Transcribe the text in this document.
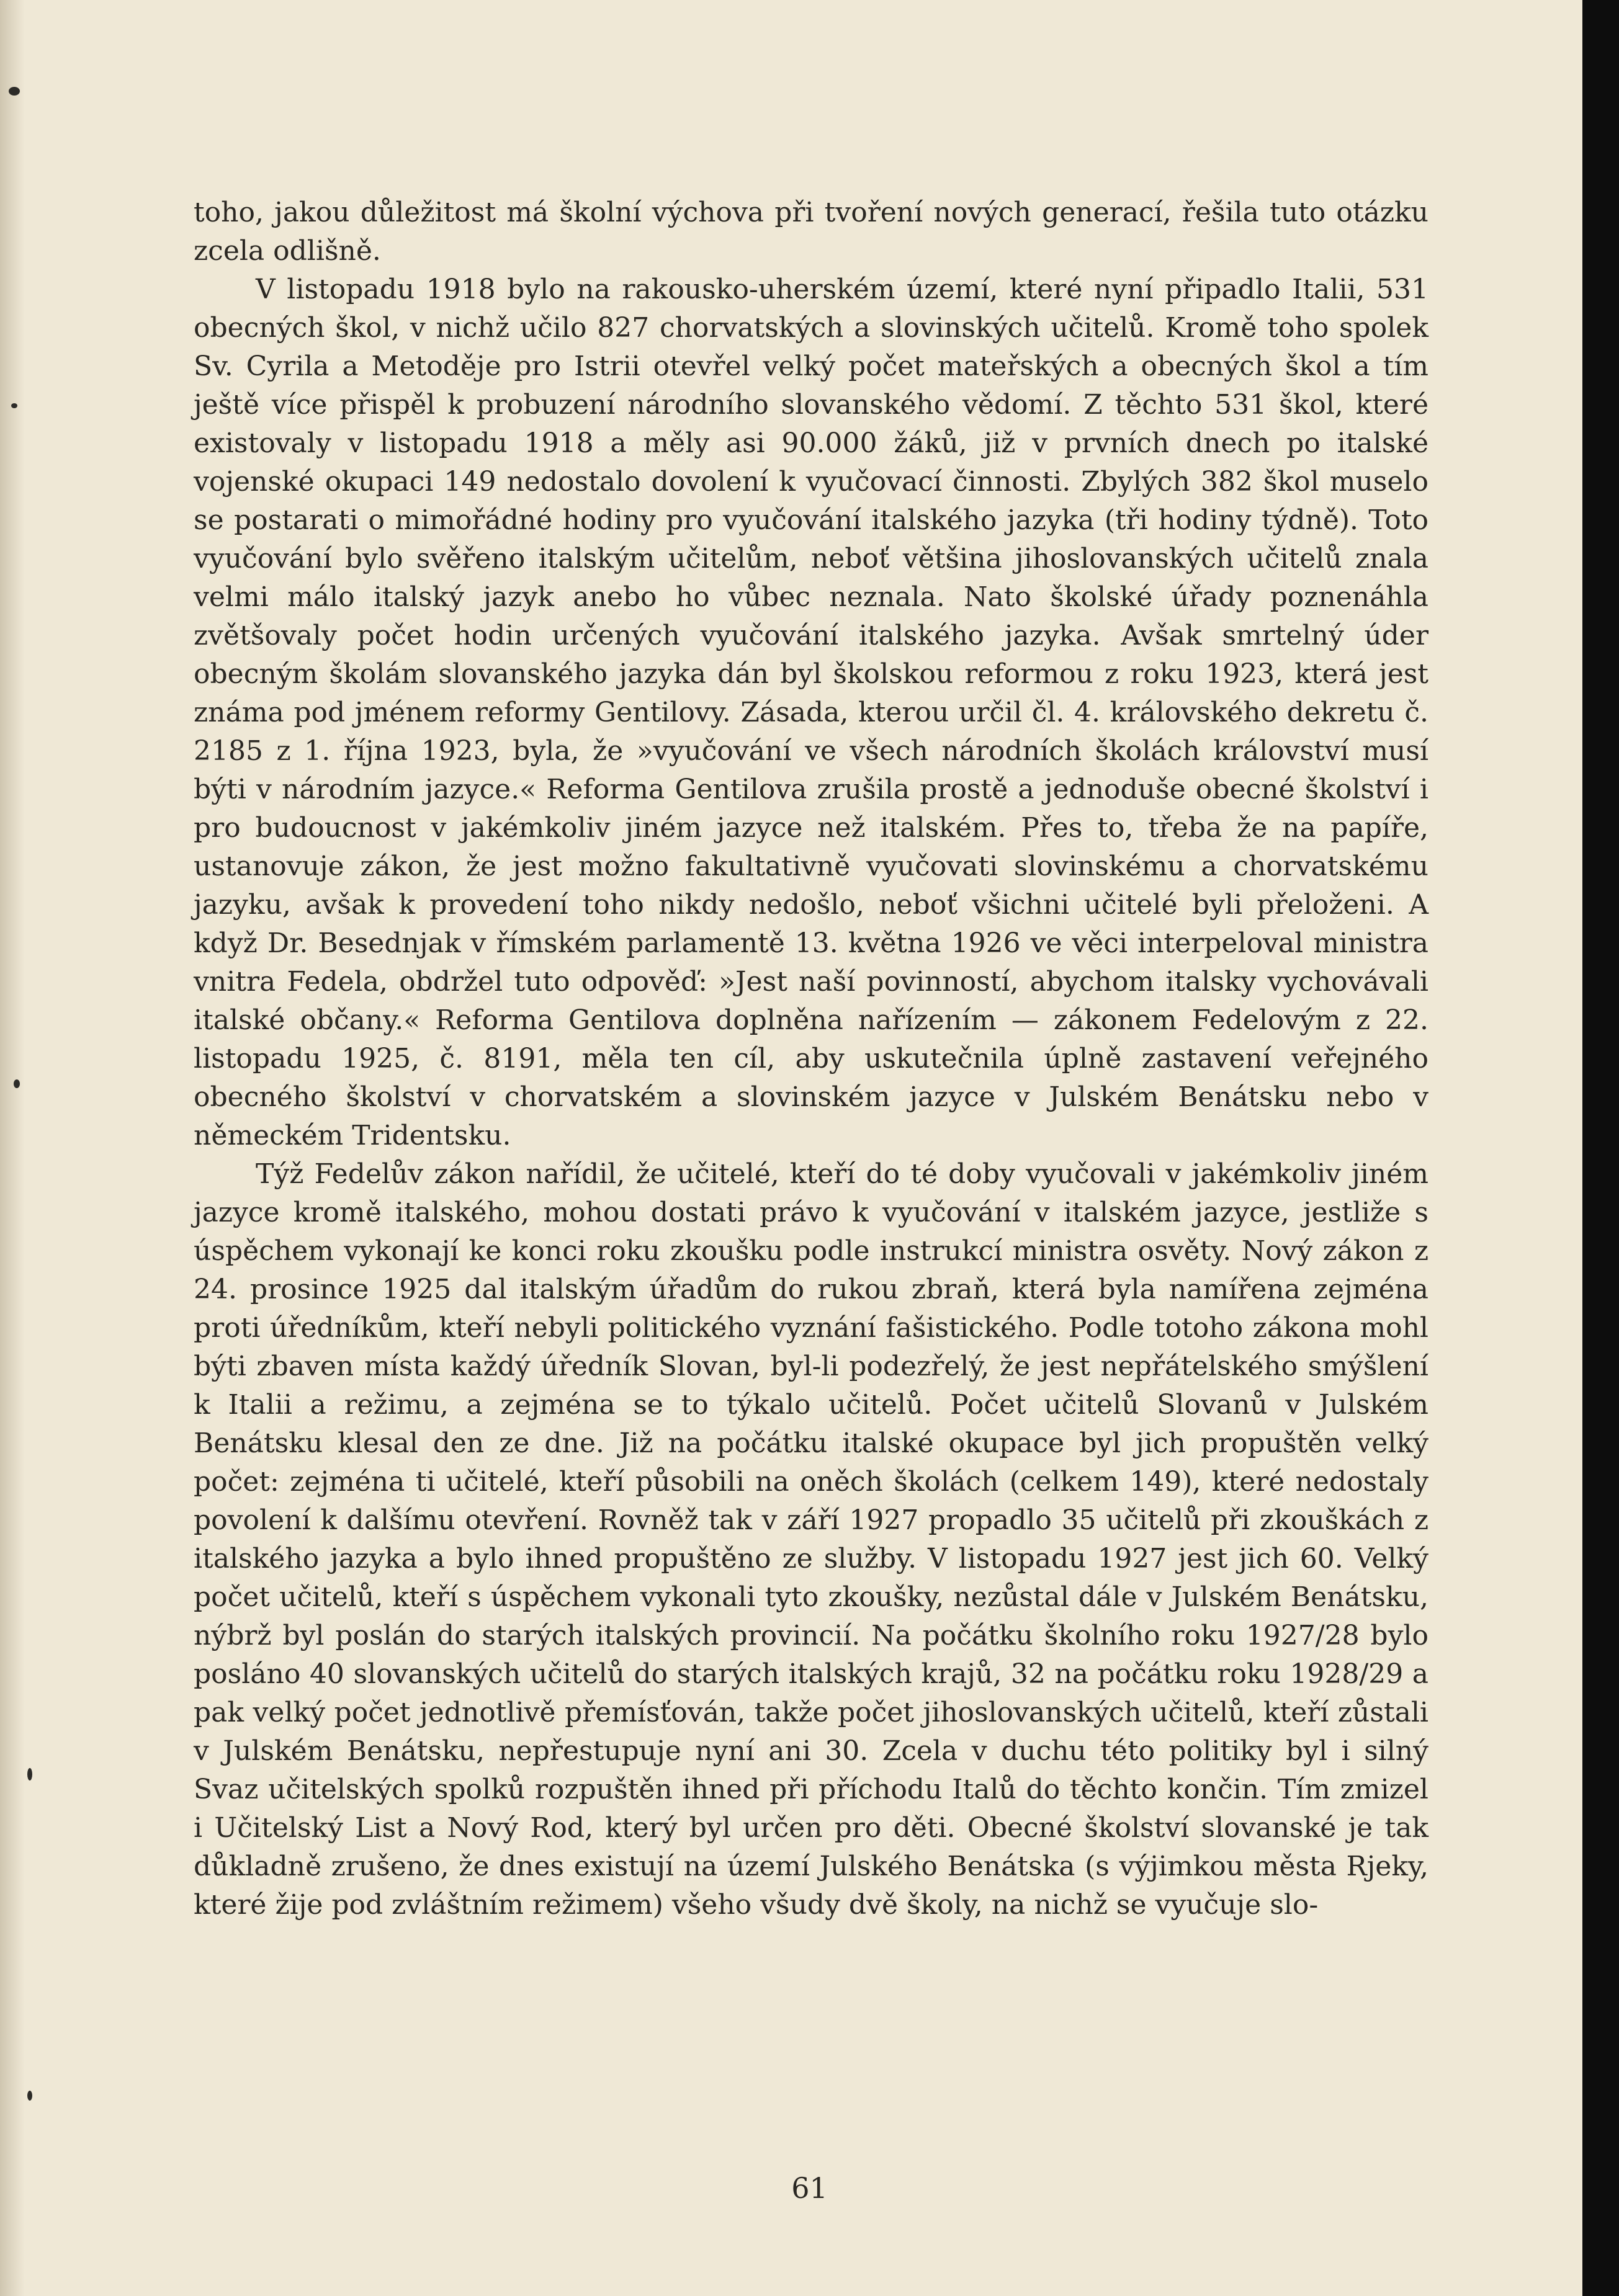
toho, jakou důležitost má školní výchova při tvoření nových generací, řešila tuto otázku zcela odlišně.

V listopadu 1918 bylo na rakousko-uherském území, které nyní připadlo Italii, 531 obecných škol, v nichž učilo 827 chorvatských a slovinských učitelů. Kromě toho spolek Sv. Cyrila a Metoděje pro Istrii otevřel velký počet mateřských a obecných škol a tím ještě více přispěl k probuzení národního slovanského vědomí. Z těchto 531 škol, které existovaly v listopadu 1918 a měly asi 90.000 žáků, již v prvních dnech po italské vojenské okupaci 149 nedostalo dovolení k vyučovací činnosti. Zbylých 382 škol muselo se postarati o mimořádné hodiny pro vyučování italského jazyka (tři hodiny týdně). Toto vyučování bylo svěřeno italským učitelům, neboť většina jihoslovanských učitelů znala velmi málo italský jazyk anebo ho vůbec neznala. Nato školské úřady poznenáhla zvětšovaly počet hodin určených vyučování italského jazyka. Avšak smrtelný úder obecným školám slovanského jazyka dán byl školskou reformou z roku 1923, která jest známa pod jménem reformy Gentilovy. Zásada, kterou určil čl. 4. královského dekretu č. 2185 z 1. října 1923, byla, že »vyučování ve všech národních školách království musí býti v národním jazyce.« Reforma Gentilova zrušila prostě a jednoduše obecné školství i pro budoucnost v jakémkoliv jiném jazyce než italském. Přes to, třeba že na papíře, ustanovuje zákon, že jest možno fakultativně vyučovati slovinskému a chorvatskému jazyku, avšak k provedení toho nikdy nedošlo, neboť všichni učitelé byli přeloženi. A když Dr. Besednjak v římském parlamentě 13. května 1926 ve věci interpeloval ministra vnitra Fedela, obdržel tuto odpověď: »Jest naší povinností, abychom italsky vychovávali italské občany.« Reforma Gentilova doplněna nařízením — zákonem Fedelovým z 22. listopadu 1925, č. 8191, měla ten cíl, aby uskutečnila úplně zastavení veřejného obecného školství v chorvatském a slovinském jazyce v Julském Benátsku nebo v německém Tridentsku.

Týž Fedelův zákon nařídil, že učitelé, kteří do té doby vyučovali v jakémkoliv jiném jazyce kromě italského, mohou dostati právo k vyučování v italském jazyce, jestliže s úspěchem vykonají ke konci roku zkoušku podle instrukcí ministra osvěty. Nový zákon z 24. prosince 1925 dal italským úřadům do rukou zbraň, která byla namířena zejména proti úředníkům, kteří nebyli politického vyznání fašistického. Podle totoho zákona mohl býti zbaven místa každý úředník Slovan, byl-li podezřelý, že jest nepřátelského smýšlení k Italii a režimu, a zejména se to týkalo učitelů. Počet učitelů Slovanů v Julském Benátsku klesal den ze dne. Již na počátku italské okupace byl jich propuštěn velký počet: zejména ti učitelé, kteří působili na oněch školách (celkem 149), které nedostaly povolení k dalšímu otevření. Rovněž tak v září 1927 propadlo 35 učitelů při zkouškách z italského jazyka a bylo ihned propuštěno ze služby. V listopadu 1927 jest jich 60. Velký počet učitelů, kteří s úspěchem vykonali tyto zkoušky, nezůstal dále v Julském Benátsku, nýbrž byl poslán do starých italských provincií. Na počátku školního roku 1927/28 bylo posláno 40 slovanských učitelů do starých italských krajů, 32 na počátku roku 1928/29 a pak velký počet jednotlivě přemísťován, takže počet jihoslovanských učitelů, kteří zůstali v Julském Benátsku, nepřestupuje nyní ani 30. Zcela v duchu této politiky byl i silný Svaz učitelských spolků rozpuštěn ihned při příchodu Italů do těchto končin. Tím zmizel i Učitelský List a Nový Rod, který byl určen pro děti. Obecné školství slovanské je tak důkladně zrušeno, že dnes existují na území Julského Benátska (s výjimkou města Rjeky, které žije pod zvláštním režimem) všeho všudy dvě školy, na nichž se vyučuje slo-

61
